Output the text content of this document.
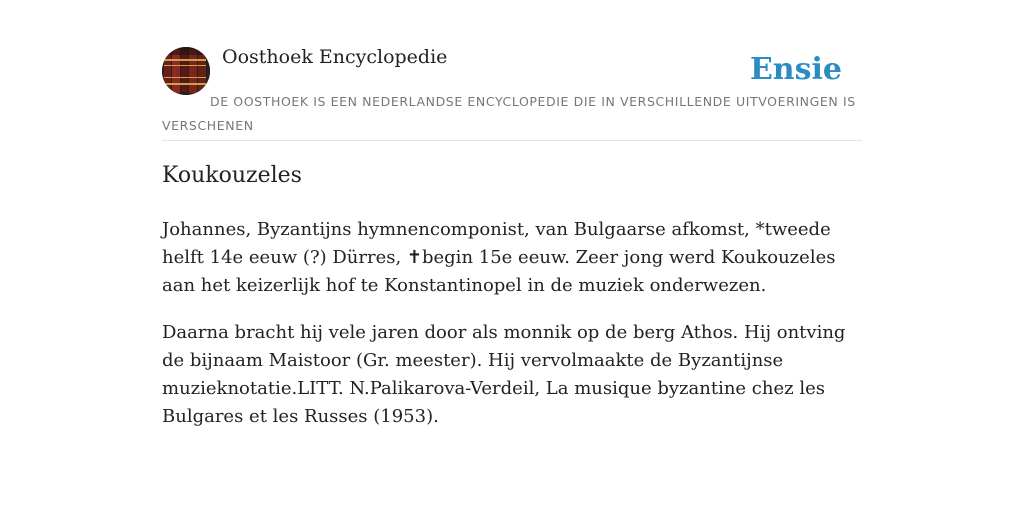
Oosthoek Encyclopedie	Ensie
DE OOSTHOEK IS EEN NEDERLANDSE ENCYCLOPEDIE DIE IN VERSCHILLENDE UITVOERINGEN IS VERSCHENEN
Koukouzeles

Johannes, Byzantijns hymnencomponist, van Bulgaarse afkomst, *tweede helft 14e eeuw (?) Dürres, ✝begin 15e eeuw. Zeer jong werd Koukouzeles aan het keizerlijk hof te Konstantinopel in de muziek onderwezen.

Daarna bracht hij vele jaren door als monnik op de berg Athos. Hij ontving de bijnaam Maistoor (Gr. meester). Hij vervolmaakte de Byzantijnse muzieknotatie.LITT. N.Palikarova-Verdeil, La musique byzantine chez les Bulgares et les Russes (1953).
